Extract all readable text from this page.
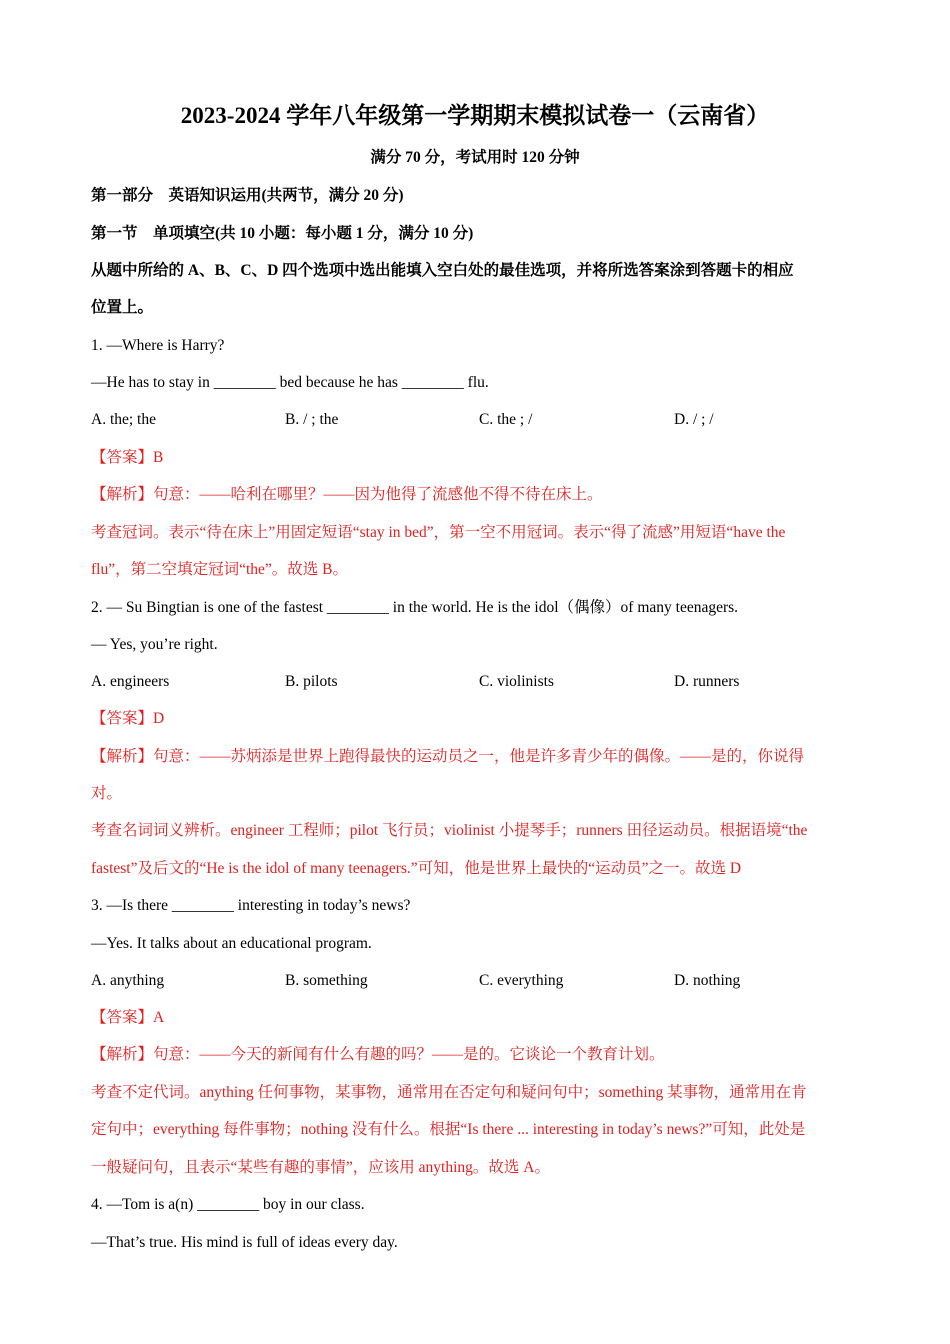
2023-2024 学年八年级第一学期期末模拟试卷一（云南省）
满分 70 分，考试用时 120 分钟
第一部分　英语知识运用(共两节，满分 20 分)
第一节　单项填空(共 10 小题：每小题 1 分，满分 10 分)
从题中所给的 A、B、C、D 四个选项中选出能填入空白处的最佳选项，并将所选答案涂到答题卡的相应
位置上。
1. —Where is Harry?
—He has to stay in ________ bed because he has ________ flu.
A. the; the	B. / ; the	C. the ; /	D. / ; /
【答案】B
【解析】句意：——哈利在哪里？——因为他得了流感他不得不待在床上。
考查冠词。表示“待在床上”用固定短语“stay in bed”，第一空不用冠词。表示“得了流感”用短语“have the
flu”，第二空填定冠词“the”。故选 B。
2. — Su Bingtian is one of the fastest ________ in the world. He is the idol（偶像）of many teenagers.
— Yes, you’re right.
A. engineers	B. pilots	C. violinists	D. runners
【答案】D
【解析】句意：——苏炳添是世界上跑得最快的运动员之一，他是许多青少年的偶像。——是的，你说得
对。
考查名词词义辨析。engineer 工程师；pilot 飞行员；violinist 小提琴手；runners 田径运动员。根据语境“the
fastest”及后文的“He is the idol of many teenagers.”可知，他是世界上最快的“运动员”之一。故选 D
3. —Is there ________ interesting in today’s news?
—Yes. It talks about an educational program.
A. anything	B. something	C. everything	D. nothing
【答案】A
【解析】句意：——今天的新闻有什么有趣的吗？——是的。它谈论一个教育计划。
考查不定代词。anything 任何事物，某事物，通常用在否定句和疑问句中；something 某事物，通常用在肯
定句中；everything 每件事物；nothing 没有什么。根据“Is there ... interesting in today’s news?”可知，此处是
一般疑问句，且表示“某些有趣的事情”，应该用 anything。故选 A。
4. —Tom is a(n) ________ boy in our class.
—That’s true. His mind is full of ideas every day.
